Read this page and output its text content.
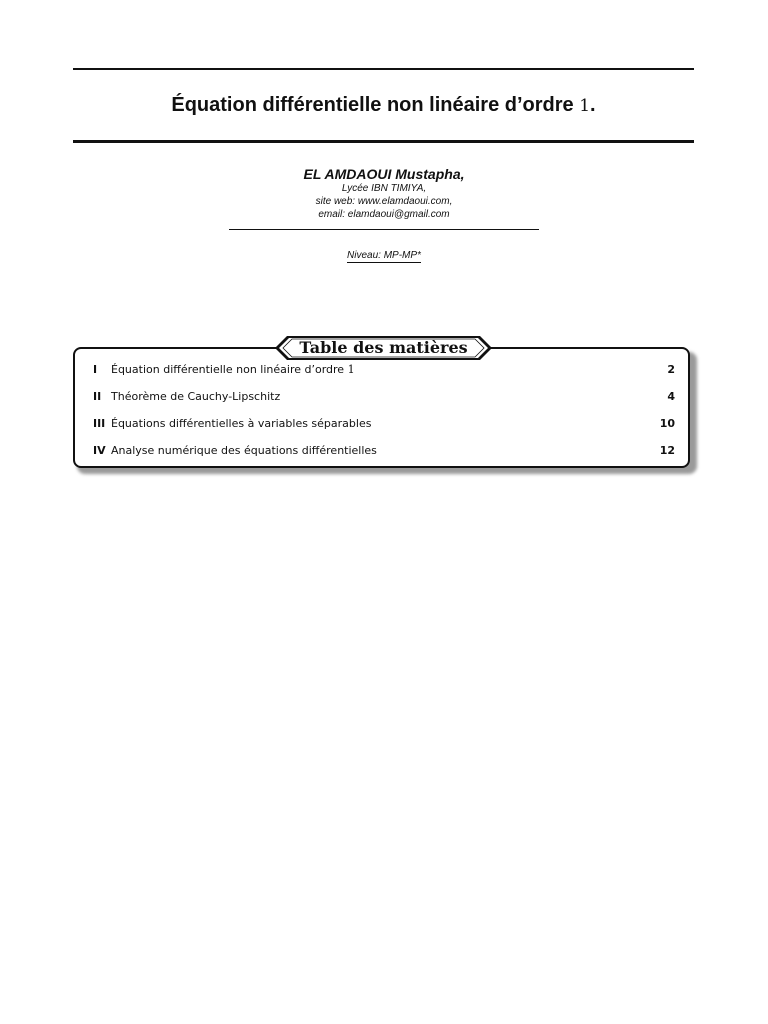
Équation différentielle non linéaire d’ordre 1.
EL AMDAOUI Mustapha,
Lycée IBN TIMIYA,
site web: www.elamdaoui.com,
email: elamdaoui@gmail.com
Niveau: MP-MP*
Table des matières
I Équation différentielle non linéaire d’ordre 1	2
II Théorème de Cauchy-Lipschitz	4
III Équations différentielles à variables séparables	10
IV Analyse numérique des équations différentielles	12
